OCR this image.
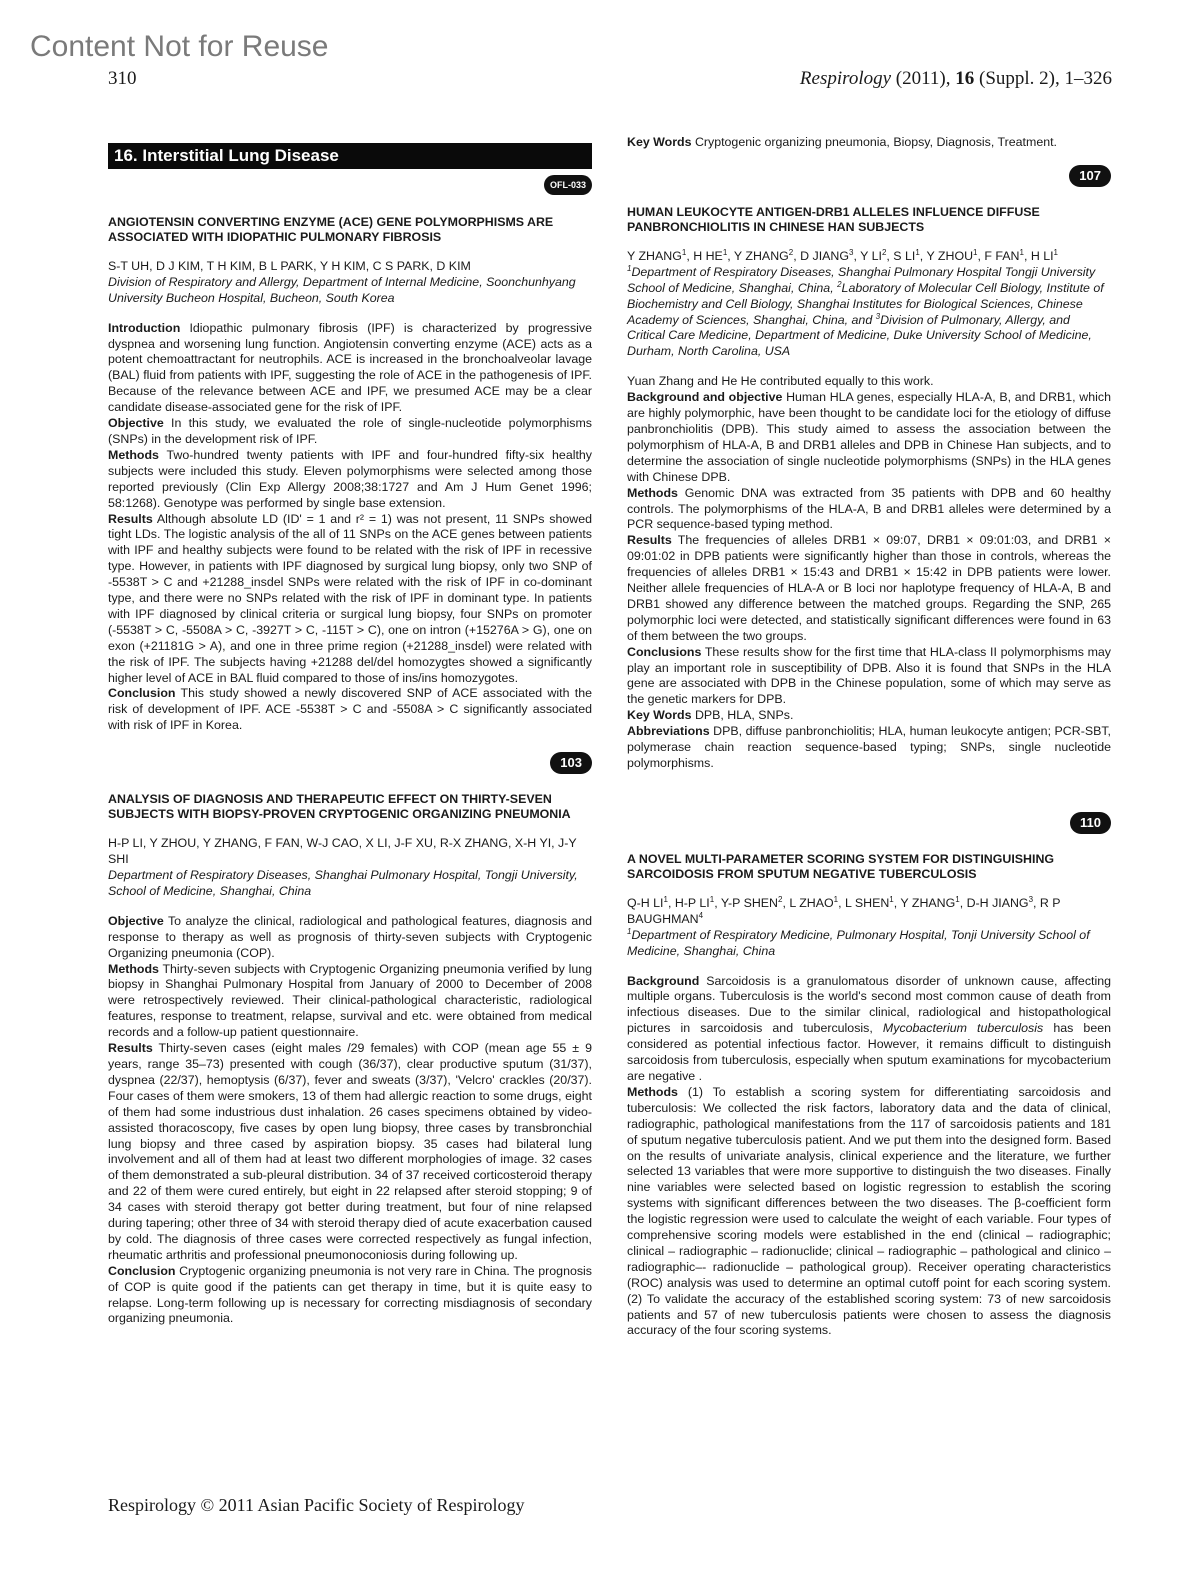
Content Not for Reuse
310	Respirology (2011), 16 (Suppl. 2), 1–326
16. Interstitial Lung Disease
OFL-033
ANGIOTENSIN CONVERTING ENZYME (ACE) GENE POLYMORPHISMS ARE ASSOCIATED WITH IDIOPATHIC PULMONARY FIBROSIS
S-T UH, D J KIM, T H KIM, B L PARK, Y H KIM, C S PARK, D KIM
Division of Respiratory and Allergy, Department of Internal Medicine, Soonchunhyang University Bucheon Hospital, Bucheon, South Korea
Introduction Idiopathic pulmonary fibrosis (IPF) is characterized by progressive dyspnea and worsening lung function. Angiotensin converting enzyme (ACE) acts as a potent chemoattractant for neutrophils. ACE is increased in the bronchoalveolar lavage (BAL) fluid from patients with IPF, suggesting the role of ACE in the pathogenesis of IPF. Because of the relevance between ACE and IPF, we presumed ACE may be a clear candidate disease-associated gene for the risk of IPF.
Objective In this study, we evaluated the role of single-nucleotide polymorphisms (SNPs) in the development risk of IPF.
Methods Two-hundred twenty patients with IPF and four-hundred fifty-six healthy subjects were included this study. Eleven polymorphisms were selected among those reported previously (Clin Exp Allergy 2008;38:1727 and Am J Hum Genet 1996; 58:1268). Genotype was performed by single base extension.
Results Although absolute LD (ID' = 1 and r² = 1) was not present, 11 SNPs showed tight LDs. The logistic analysis of the all of 11 SNPs on the ACE genes between patients with IPF and healthy subjects were found to be related with the risk of IPF in recessive type. However, in patients with IPF diagnosed by surgical lung biopsy, only two SNP of -5538T > C and +21288_insdel SNPs were related with the risk of IPF in co-dominant type, and there were no SNPs related with the risk of IPF in dominant type. In patients with IPF diagnosed by clinical criteria or surgical lung biopsy, four SNPs on promoter (-5538T > C, -5508A > C, -3927T > C, -115T > C), one on intron (+15276A > G), one on exon (+21181G > A), and one in three prime region (+21288_insdel) were related with the risk of IPF. The subjects having +21288 del/del homozygtes showed a significantly higher level of ACE in BAL fluid compared to those of ins/ins homozygotes.
Conclusion This study showed a newly discovered SNP of ACE associated with the risk of development of IPF. ACE -5538T > C and -5508A > C significantly associated with risk of IPF in Korea.
103
ANALYSIS OF DIAGNOSIS AND THERAPEUTIC EFFECT ON THIRTY-SEVEN SUBJECTS WITH BIOPSY-PROVEN CRYPTOGENIC ORGANIZING PNEUMONIA
H-P LI, Y ZHOU, Y ZHANG, F FAN, W-J CAO, X LI, J-F XU, R-X ZHANG, X-H YI, J-Y SHI
Department of Respiratory Diseases, Shanghai Pulmonary Hospital, Tongji University, School of Medicine, Shanghai, China
Objective To analyze the clinical, radiological and pathological features, diagnosis and response to therapy as well as prognosis of thirty-seven subjects with Cryptogenic Organizing pneumonia (COP).
Methods Thirty-seven subjects with Cryptogenic Organizing pneumonia verified by lung biopsy in Shanghai Pulmonary Hospital from January of 2000 to December of 2008 were retrospectively reviewed. Their clinical-pathological characteristic, radiological features, response to treatment, relapse, survival and etc. were obtained from medical records and a follow-up patient questionnaire.
Results Thirty-seven cases (eight males /29 females) with COP (mean age 55 ± 9 years, range 35–73) presented with cough (36/37), clear productive sputum (31/37), dyspnea (22/37), hemoptysis (6/37), fever and sweats (3/37), 'Velcro' crackles (20/37). Four cases of them were smokers, 13 of them had allergic reaction to some drugs, eight of them had some industrious dust inhalation. 26 cases specimens obtained by video-assisted thoracoscopy, five cases by open lung biopsy, three cases by transbronchial lung biopsy and three cased by aspiration biopsy. 35 cases had bilateral lung involvement and all of them had at least two different morphologies of image. 32 cases of them demonstrated a sub-pleural distribution. 34 of 37 received corticosteroid therapy and 22 of them were cured entirely, but eight in 22 relapsed after steroid stopping; 9 of 34 cases with steroid therapy got better during treatment, but four of nine relapsed during tapering; other three of 34 with steroid therapy died of acute exacerbation caused by cold. The diagnosis of three cases were corrected respectively as fungal infection, rheumatic arthritis and professional pneumonoconiosis during following up.
Conclusion Cryptogenic organizing pneumonia is not very rare in China. The prognosis of COP is quite good if the patients can get therapy in time, but it is quite easy to relapse. Long-term following up is necessary for correcting misdiagnosis of secondary organizing pneumonia.
Key Words Cryptogenic organizing pneumonia, Biopsy, Diagnosis, Treatment.
107
HUMAN LEUKOCYTE ANTIGEN-DRB1 ALLELES INFLUENCE DIFFUSE PANBRONCHIOLITIS IN CHINESE HAN SUBJECTS
Y ZHANG$^1$, H $HE^1$, Y ZHANG$^2$, D JIANG$^3$, Y $LI^2$, S $LI^1$, Y ZHOU$^1$, F FAN$^1$, H $LI^1$
$^1$Department of Respiratory Diseases, Shanghai Pulmonary Hospital Tongji University School of Medicine, Shanghai, China, $^2$Laboratory of Molecular Cell Biology, Institute of Biochemistry and Cell Biology, Shanghai Institutes for Biological Sciences, Chinese Academy of Sciences, Shanghai, China, and $^3$Division of Pulmonary, Allergy, and Critical Care Medicine, Department of Medicine, Duke University School of Medicine, Durham, North Carolina, USA
Yuan Zhang and He He contributed equally to this work.
Background and objective Human HLA genes, especially HLA-A, B, and DRB1, which are highly polymorphic, have been thought to be candidate loci for the etiology of diffuse panbronchiolitis (DPB). This study aimed to assess the association between the polymorphism of HLA-A, B and DRB1 alleles and DPB in Chinese Han subjects, and to determine the association of single nucleotide polymorphisms (SNPs) in the HLA genes with Chinese DPB.
Methods Genomic DNA was extracted from 35 patients with DPB and 60 healthy controls. The polymorphisms of the HLA-A, B and DRB1 alleles were determined by a PCR sequence-based typing method.
Results The frequencies of alleles DRB1 × 09:07, DRB1 × 09:01:03, and DRB1 × 09:01:02 in DPB patients were significantly higher than those in controls, whereas the frequencies of alleles DRB1 × 15:43 and DRB1 × 15:42 in DPB patients were lower. Neither allele frequencies of HLA-A or B loci nor haplotype frequency of HLA-A, B and DRB1 showed any difference between the matched groups. Regarding the SNP, 265 polymorphic loci were detected, and statistically significant differences were found in 63 of them between the two groups.
Conclusions These results show for the first time that HLA-class II polymorphisms may play an important role in susceptibility of DPB. Also it is found that SNPs in the HLA gene are associated with DPB in the Chinese population, some of which may serve as the genetic markers for DPB.
Key Words DPB, HLA, SNPs.
Abbreviations DPB, diffuse panbronchiolitis; HLA, human leukocyte antigen; PCR-SBT, polymerase chain reaction sequence-based typing; SNPs, single nucleotide polymorphisms.
110
A NOVEL MULTI-PARAMETER SCORING SYSTEM FOR DISTINGUISHING SARCOIDOSIS FROM SPUTUM NEGATIVE TUBERCULOSIS
Q-H $LI^1$, H-P $LI^1$, Y-P SHEN$^2$, L ZHAO$^1$, L SHEN$^1$, Y ZHANG$^1$, D-H JIANG$^3$, R P BAUGHMAN$^4$
$^1$Department of Respiratory Medicine, Pulmonary Hospital, Tonji University School of Medicine, Shanghai, China
Background Sarcoidosis is a granulomatous disorder of unknown cause, affecting multiple organs. Tuberculosis is the world's second most common cause of death from infectious diseases. Due to the similar clinical, radiological and histopathological pictures in sarcoidosis and tuberculosis, Mycobacterium tuberculosis has been considered as potential infectious factor. However, it remains difficult to distinguish sarcoidosis from tuberculosis, especially when sputum examinations for mycobacterium are negative .
Methods (1) To establish a scoring system for differentiating sarcoidosis and tuberculosis: We collected the risk factors, laboratory data and the data of clinical, radiographic, pathological manifestations from the 117 of sarcoidosis patients and 181 of sputum negative tuberculosis patient. And we put them into the designed form. Based on the results of univariate analysis, clinical experience and the literature, we further selected 13 variables that were more supportive to distinguish the two diseases. Finally nine variables were selected based on logistic regression to establish the scoring systems with significant differences between the two diseases. The β-coefficient form the logistic regression were used to calculate the weight of each variable. Four types of comprehensive scoring models were established in the end (clinical – radiographic; clinical – radiographic – radionuclide; clinical – radiographic – pathological and clinico – radiographic–- radionuclide – pathological group). Receiver operating characteristics (ROC) analysis was used to determine an optimal cutoff point for each scoring system. (2) To validate the accuracy of the established scoring system: 73 of new sarcoidosis patients and 57 of new tuberculosis patients were chosen to assess the diagnosis accuracy of the four scoring systems.
Respirology © 2011 Asian Pacific Society of Respirology
